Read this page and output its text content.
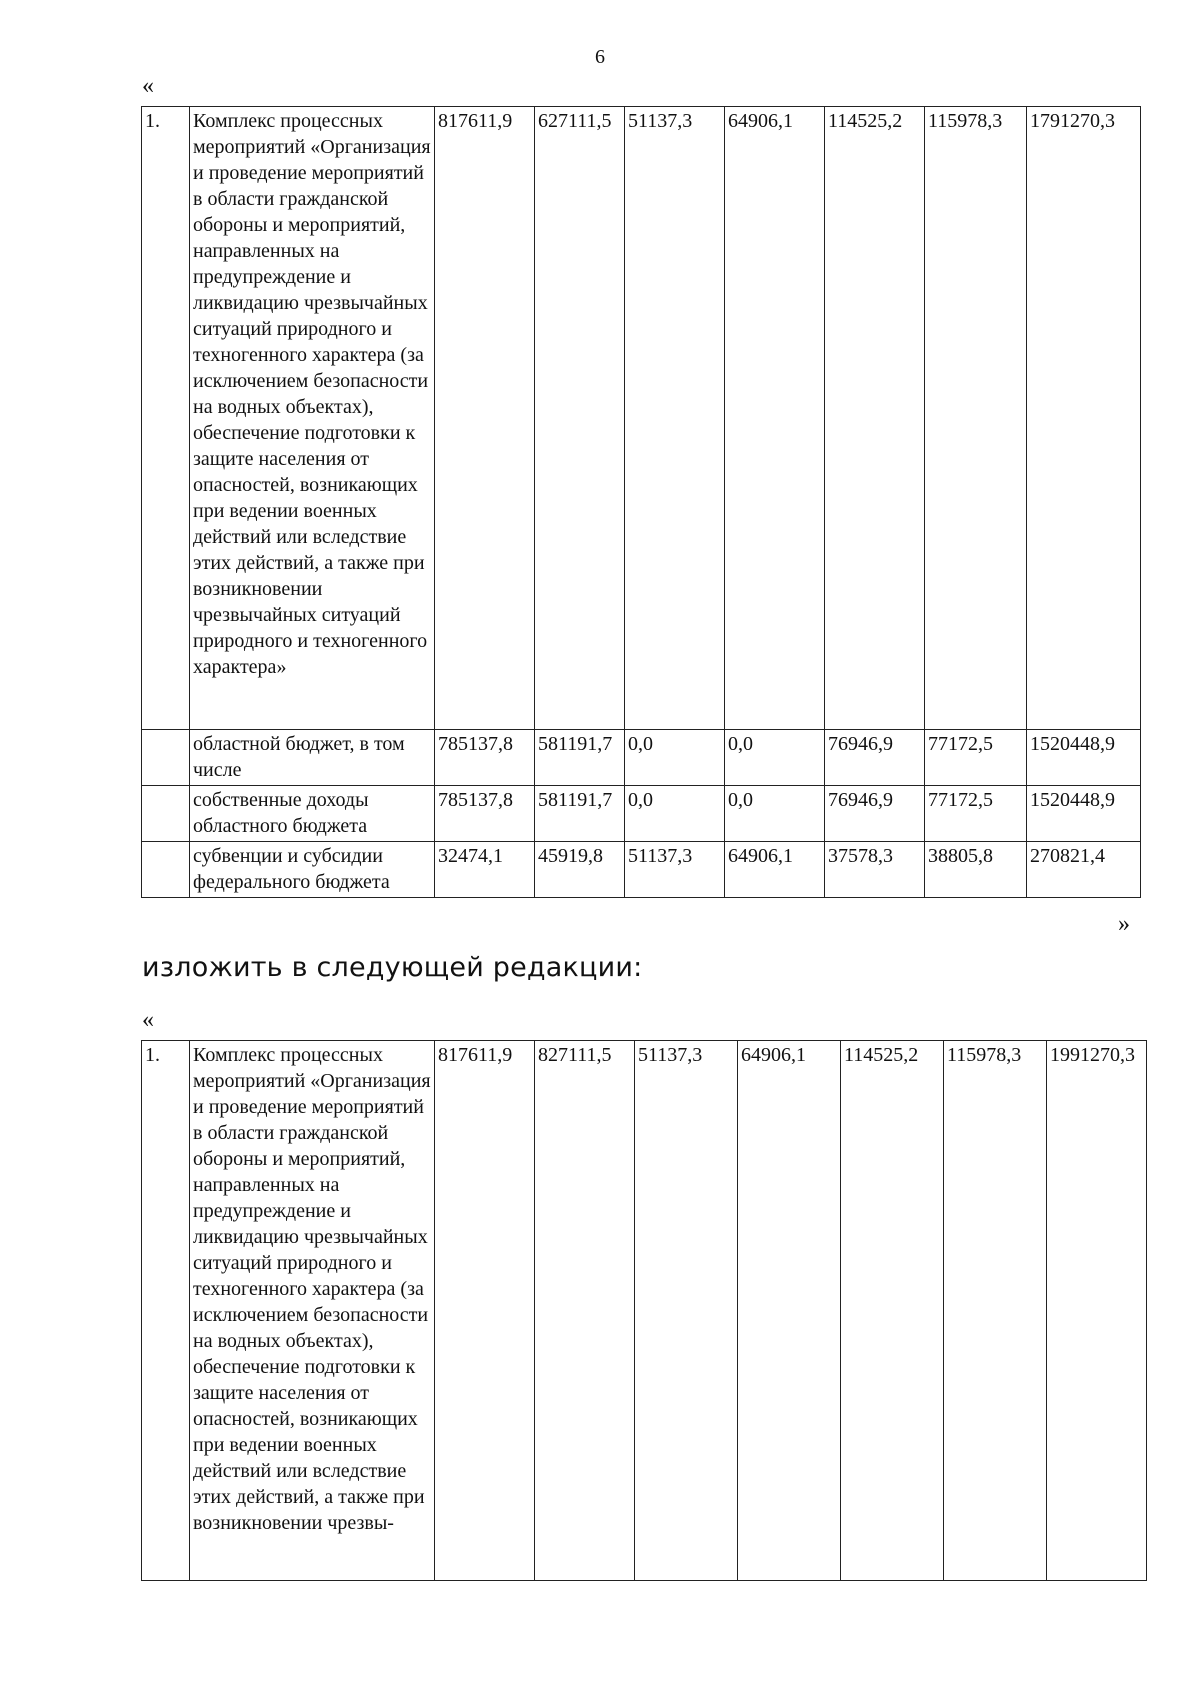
6
«
1.	Комплекс процессных мероприятий «Организация и проведение мероприятий в области гражданской обороны и мероприятий, направленных на предупреждение и ликвидацию чрезвычайных ситуаций природного и техногенного характера (за исключением безопасности на водных объектах), обеспечение подготовки к защите населения от опасностей, возникающих при ведении военных действий или вследствие этих действий, а также при возникновении чрезвычайных ситуаций природного и техногенного характера»	817611,9	627111,5	51137,3	64906,1	114525,2	115978,3	1791270,3
	областной бюджет, в том числе	785137,8	581191,7	0,0	0,0	76946,9	77172,5	1520448,9
	собственные доходы областного бюджета	785137,8	581191,7	0,0	0,0	76946,9	77172,5	1520448,9
	субвенции и субсидии федерального бюджета	32474,1	45919,8	51137,3	64906,1	37578,3	38805,8	270821,4
»
изложить в следующей редакции:
«
1.	Комплекс процессных мероприятий «Организация и проведение мероприятий в области гражданской обороны и мероприятий, направленных на предупреждение и ликвидацию чрезвычайных ситуаций природного и техногенного характера (за исключением безопасности на водных объектах), обеспечение подготовки к защите населения от опасностей, возникающих при ведении военных действий или вследствие этих действий, а также при возникновении чрезвы-	817611,9	827111,5	51137,3	64906,1	114525,2	115978,3	1991270,3
